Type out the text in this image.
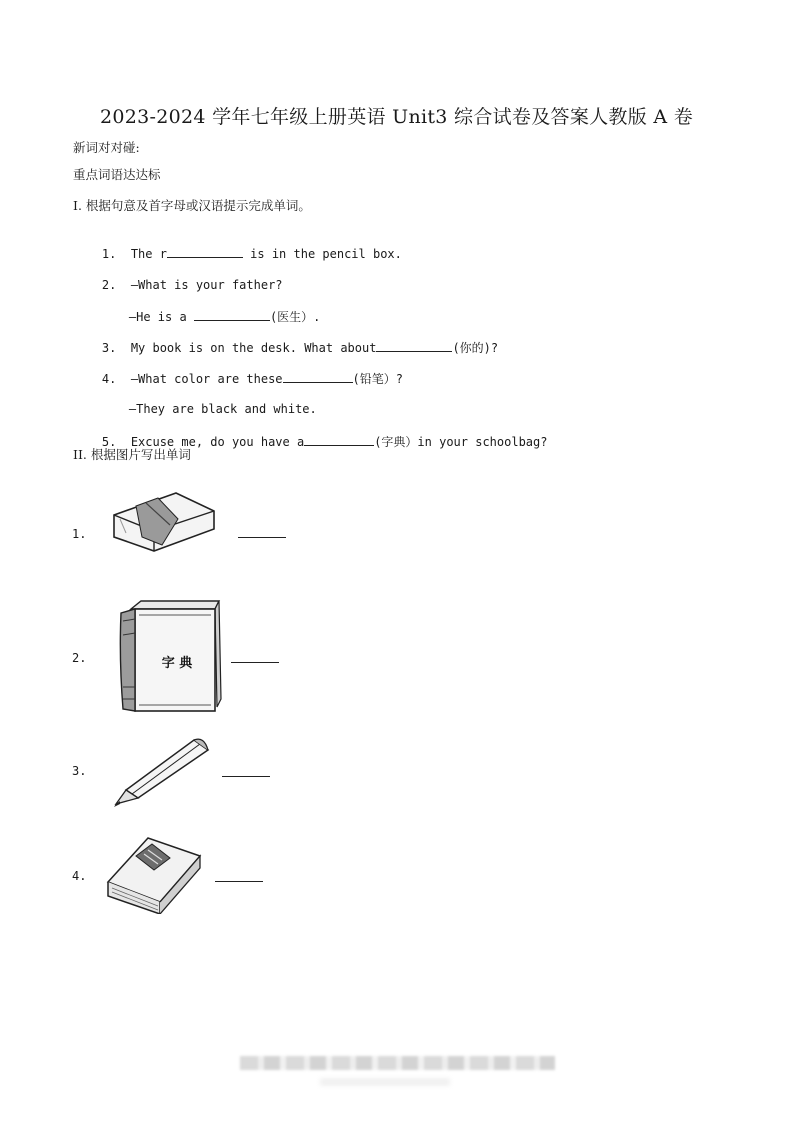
2023-2024 学年七年级上册英语 Unit3 综合试卷及答案人教版 A 卷
新词对对碰:
重点词语达达标
I. 根据句意及首字母或汉语提示完成单词。

1. The r	is in the pencil box.

2. —What is your father?

—He is a	(医生）.

3. My book is on the desk. What about	(你的)?

4. —What color are these	(铅笔）?

—They are black and white.

5. Excuse me, do you have a	(字典）in your schoolbag?

II. 根据图片写出单词
1.
2.	字 典
3.
4.
